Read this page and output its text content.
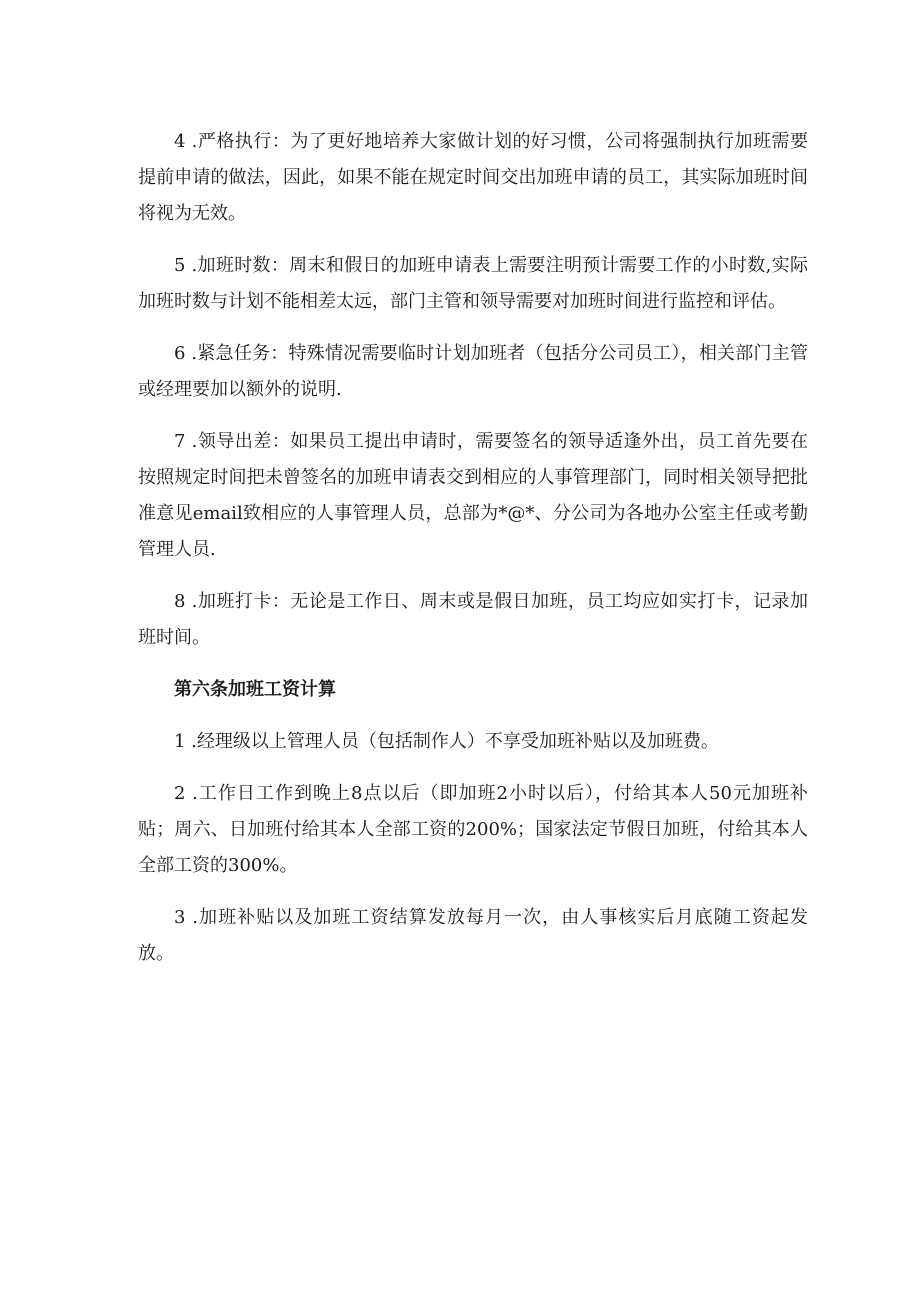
4 .严格执行：为了更好地培养大家做计划的好习惯，公司将强制执行加班需要提前申请的做法，因此，如果不能在规定时间交出加班申请的员工，其实际加班时间将视为无效。

5 .加班时数：周末和假日的加班申请表上需要注明预计需要工作的小时数,实际加班时数与计划不能相差太远，部门主管和领导需要对加班时间进行监控和评估。

6 .紧急任务：特殊情况需要临时计划加班者（包括分公司员工），相关部门主管或经理要加以额外的说明.

7 .领导出差：如果员工提出申请时，需要签名的领导适逢外出，员工首先要在按照规定时间把未曾签名的加班申请表交到相应的人事管理部门，同时相关领导把批准意见email致相应的人事管理人员，总部为*@*、分公司为各地办公室主任或考勤管理人员.

8 .加班打卡：无论是工作日、周末或是假日加班，员工均应如实打卡，记录加班时间。

第六条加班工资计算

1 .经理级以上管理人员（包括制作人）不享受加班补贴以及加班费。

2 .工作日工作到晚上8点以后（即加班2小时以后），付给其本人50元加班补贴；周六、日加班付给其本人全部工资的200%；国家法定节假日加班，付给其本人全部工资的300%。

3 .加班补贴以及加班工资结算发放每月一次，由人事核实后月底随工资起发放。
